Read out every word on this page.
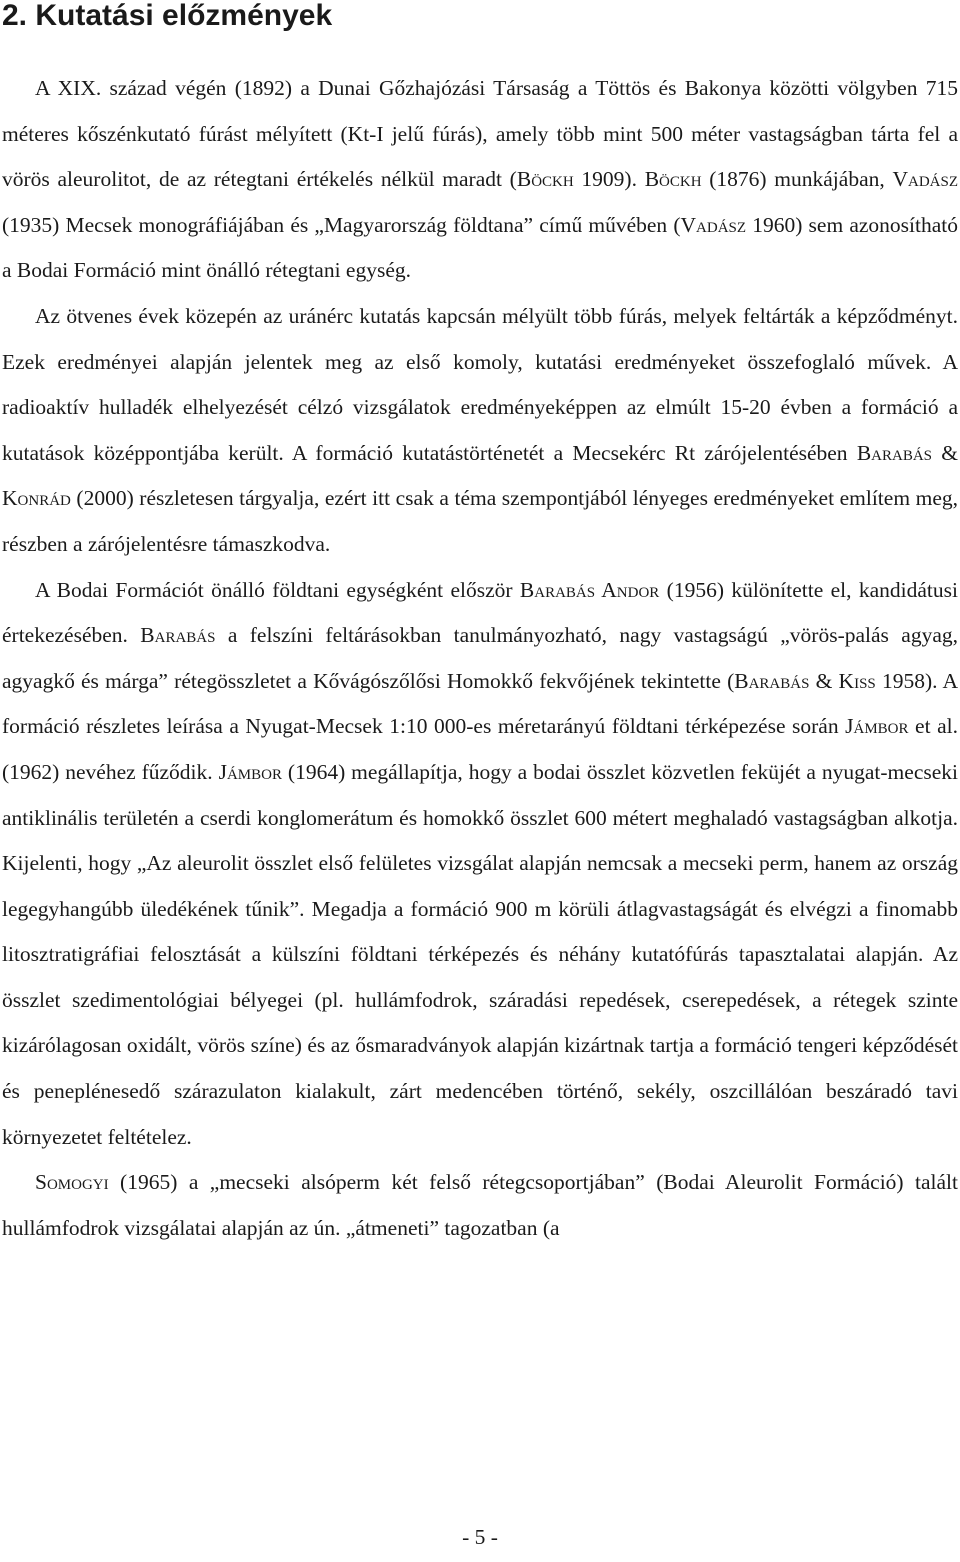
2. Kutatási előzmények

A XIX. század végén (1892) a Dunai Gőzhajózási Társaság a Töttös és Bakonya közötti völgyben 715 méteres kőszénkutató fúrást mélyített (Kt-I jelű fúrás), amely több mint 500 méter vastagságban tárta fel a vörös aleurolitot, de az rétegtani értékelés nélkül maradt (Böckh 1909). Böckh (1876) munkájában, Vadász (1935) Mecsek monográfiájában és „Magyarország földtana” című művében (Vadász 1960) sem azonosítható a Bodai Formáció mint önálló rétegtani egység.

Az ötvenes évek közepén az uránérc kutatás kapcsán mélyült több fúrás, melyek feltárták a képződményt. Ezek eredményei alapján jelentek meg az első komoly, kutatási eredményeket összefoglaló művek. A radioaktív hulladék elhelyezését célzó vizsgálatok eredményeképpen az elmúlt 15-20 évben a formáció a kutatások középpontjába került. A formáció kutatástörténetét a Mecsekérc Rt zárójelentésében Barabás & Konrád (2000) részletesen tárgyalja, ezért itt csak a téma szempontjából lényeges eredményeket említem meg, részben a zárójelentésre támaszkodva.

A Bodai Formációt önálló földtani egységként először Barabás Andor (1956) különítette el, kandidátusi értekezésében. Barabás a felszíni feltárásokban tanulmányozható, nagy vastagságú „vörös-palás agyag, agyagkő és márga” rétegösszletet a Kővágószőlősi Homokkő fekvőjének tekintette (Barabás & Kiss 1958). A formáció részletes leírása a Nyugat-Mecsek 1:10 000-es méretarányú földtani térképezése során Jámbor et al. (1962) nevéhez fűződik. Jámbor (1964) megállapítja, hogy a bodai összlet közvetlen feküjét a nyugat-mecseki antiklinális területén a cserdi konglomerátum és homokkő összlet 600 métert meghaladó vastagságban alkotja. Kijelenti, hogy „Az aleurolit összlet első felületes vizsgálat alapján nemcsak a mecseki perm, hanem az ország legegyhangúbb üledékének tűnik”. Megadja a formáció 900 m körüli átlagvastagságát és elvégzi a finomabb litosztratigráfiai felosztását a külszíni földtani térképezés és néhány kutatófúrás tapasztalatai alapján. Az összlet szedimentológiai bélyegei (pl. hullámfodrok, száradási repedések, cserepedések, a rétegek szinte kizárólagosan oxidált, vörös színe) és az ősmaradványok alapján kizártnak tartja a formáció tengeri képződését és peneplénesedő szárazulaton kialakult, zárt medencében történő, sekély, oszcillálóan beszáradó tavi környezetet feltételez.

Somogyi (1965) a „mecseki alsóperm két felső rétegcsoportjában” (Bodai Aleurolit Formáció) talált hullámfodrok vizsgálatai alapján az ún. „átmeneti” tagozatban (a

- 5 -
